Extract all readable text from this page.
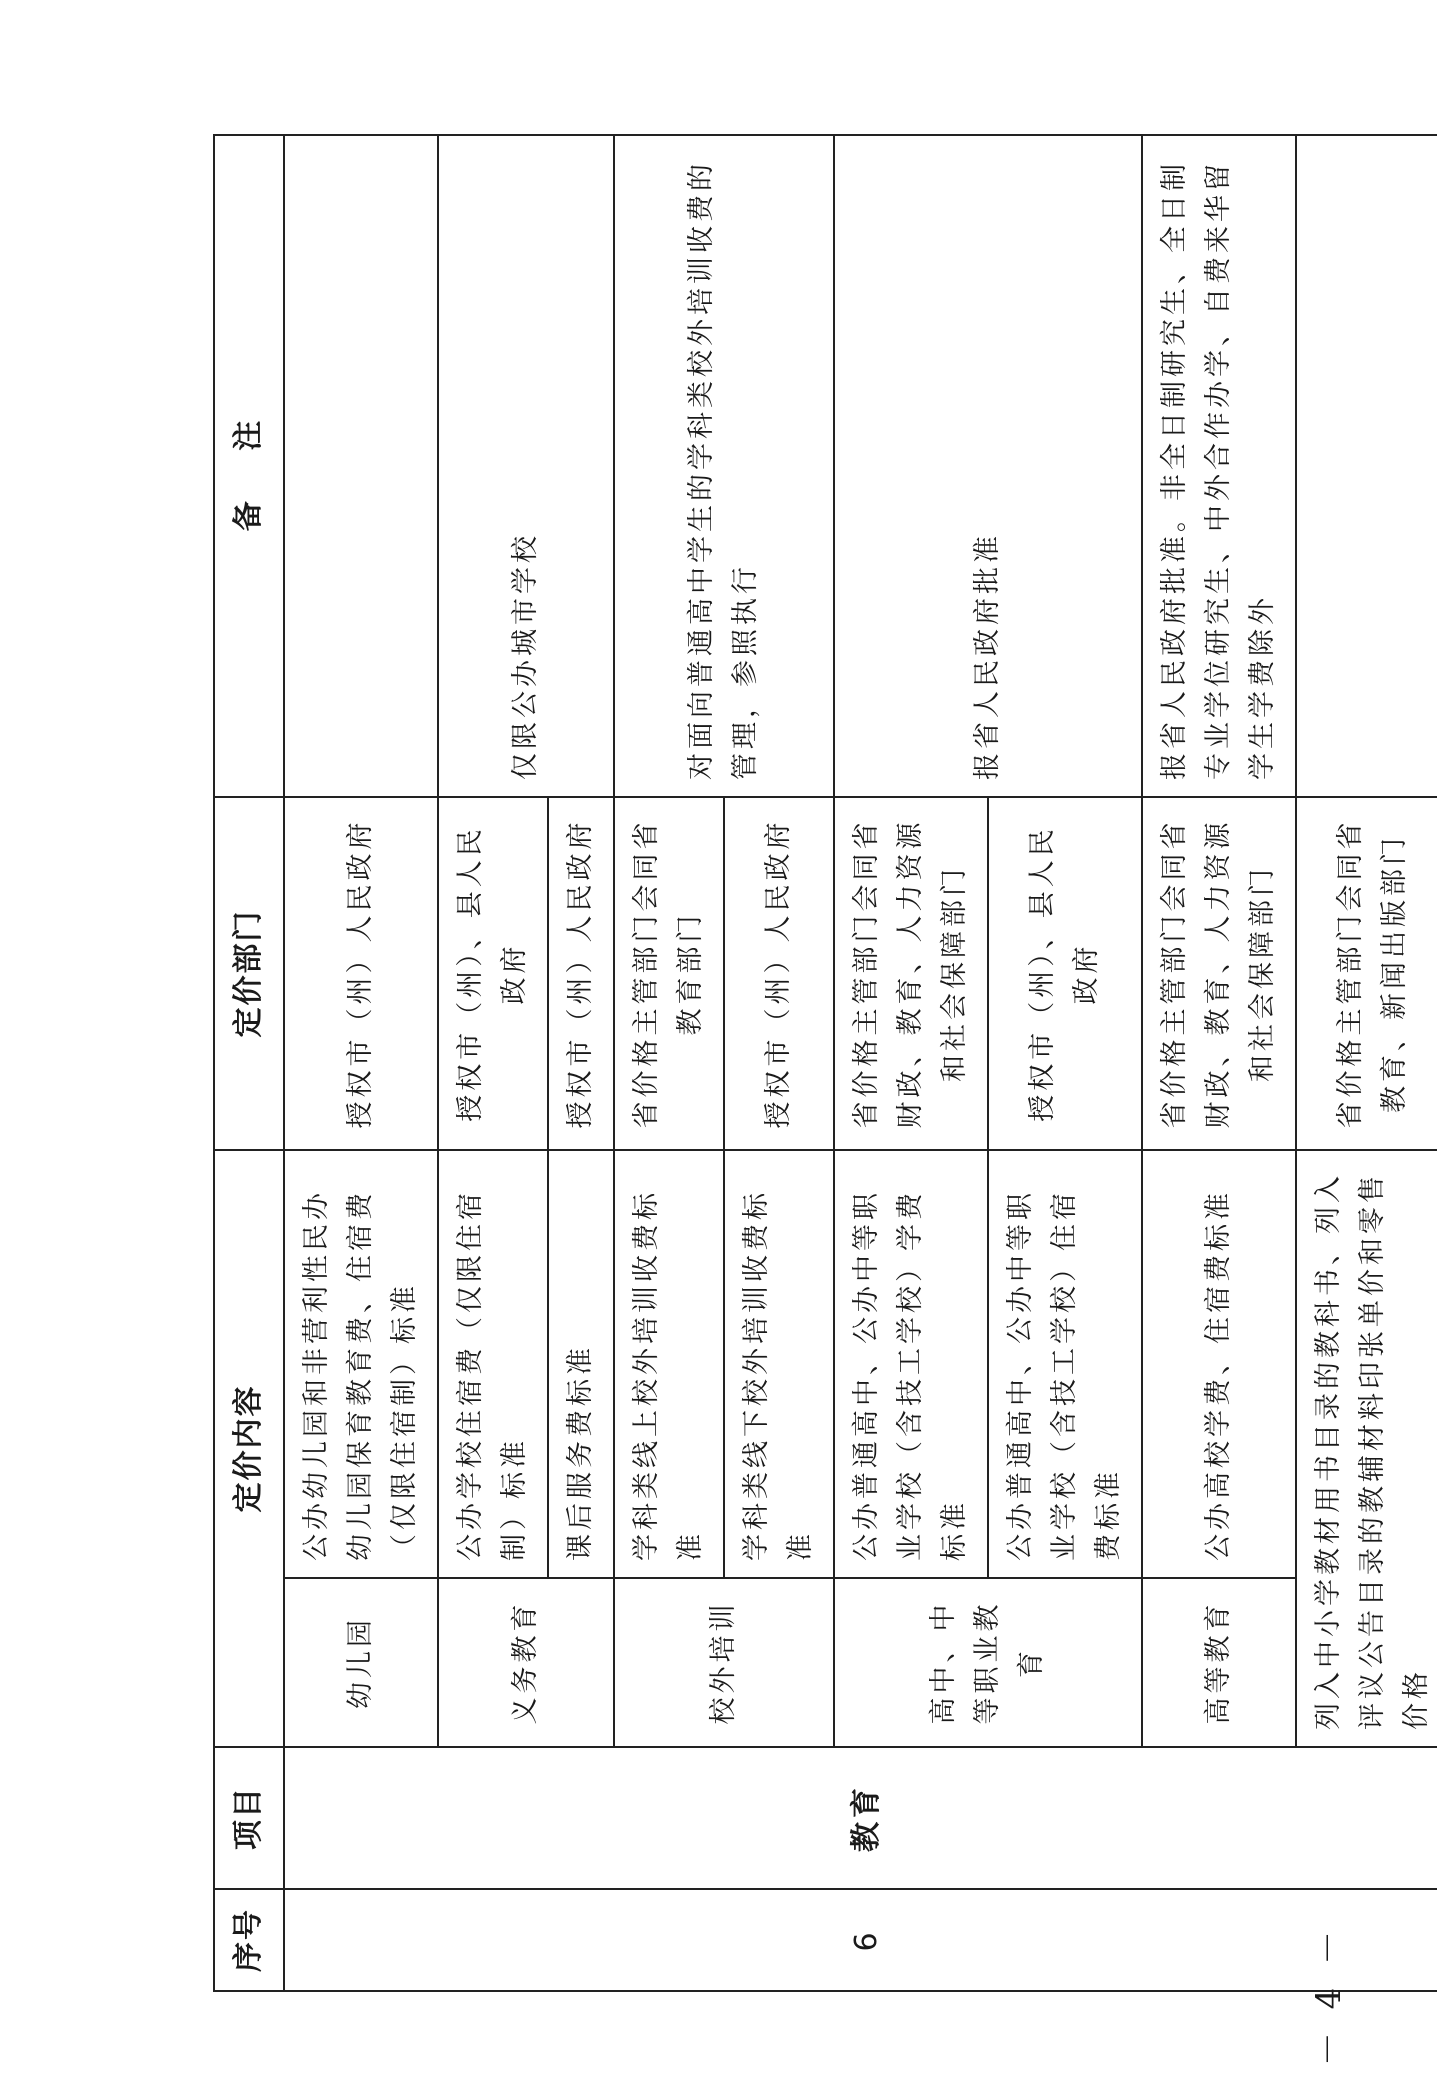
序号	项目	定价内容		定价部门	备 注
6	教育	幼儿园	公办幼儿园和非营利性民办幼儿园保育教育费、住宿费（仅限住宿制）标准	授权市（州）人民政府	
		义务教育	公办学校住宿费（仅限住宿制）标准	授权市（州）、县人民政府	仅限公办城市学校
			课后服务费标准	授权市（州）人民政府	
		校外培训	学科类线上校外培训收费标准	省价格主管部门会同省教育部门	对面向普通高中学生的学科类校外培训收费的管理，参照执行
			学科类线下校外培训收费标准	授权市（州）人民政府	
		高中、中等职业教育	公办普通高中、公办中等职业学校（含技工学校）学费标准	省价格主管部门会同省财政、教育、人力资源和社会保障部门	报省人民政府批准
			公办普通高中、公办中等职业学校（含技工学校）住宿费标准	授权市（州）、县人民政府	
		高等教育	公办高校学费、住宿费标准	省价格主管部门会同省财政、教育、人力资源和社会保障部门	报省人民政府批准。非全日制研究生、全日制专业学位研究生、中外合作办学、自费来华留学生学费除外
		列入中小学教材用书目录的教科书、列入评议公告目录的教辅材料印张单价和零售价格		省价格主管部门会同省教育、新闻出版部门	
－ 4 －
